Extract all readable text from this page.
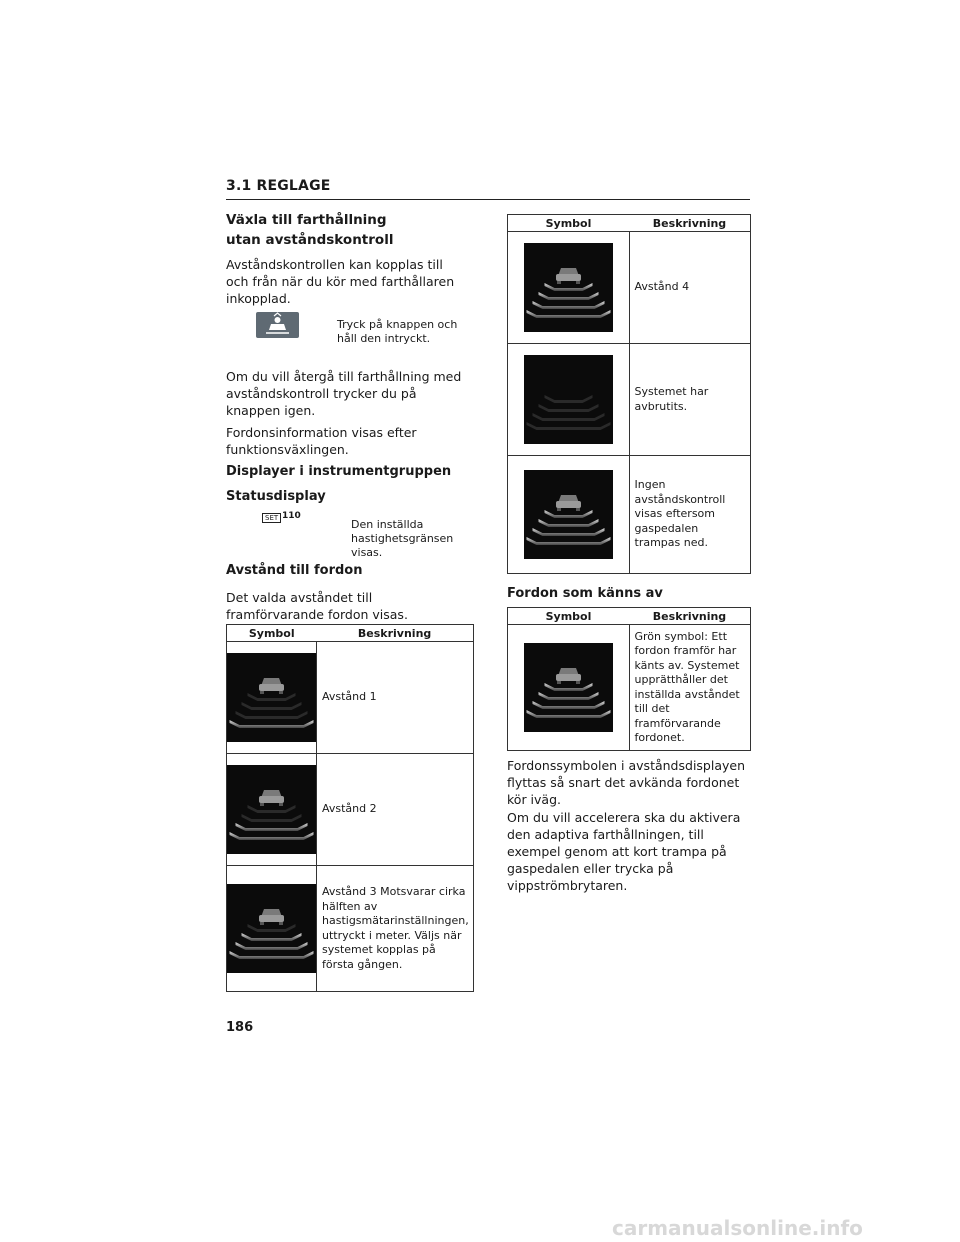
3.1 REGLAGE
Växla till farthållning utan avståndskontroll

Avståndskontrollen kan kopplas till och från när du kör med farthållaren inkopplad.

Tryck på knappen och håll den intryckt.

Om du vill återgå till farthållning med avståndskontroll trycker du på knappen igen.

Fordonsinformation visas efter funktionsväxlingen.

Displayer i instrumentgruppen
Statusdisplay
SET 110
Den inställda hastighetsgränsen visas.
Avstånd till fordon

Det valda avståndet till framförvarande fordon visas.

Symbol	Beskrivning

	Avstånd 1

	Avstånd 2

	Avstånd 3 Motsvarar cirka hälften av hastigsmätarinställningen, uttryckt i meter. Väljs när systemet kopplas på första gången.
Symbol	Beskrivning

	Avstånd 4

	Systemet har avbrutits.

	Ingen avståndskontroll visas eftersom gaspedalen trampas ned.
Fordon som känns av
Symbol	Beskrivning

	Grön symbol: Ett fordon framför har känts av. Systemet upprätthåller det inställda avståndet till det framförvarande fordonet.

Fordonssymbolen i avståndsdisplayen flyttas så snart det avkända fordonet kör iväg.

Om du vill accelerera ska du aktivera den adaptiva farthållningen, till exempel genom att kort trampa på gaspedalen eller trycka på vippströmbrytaren.

186
carmanualsonline.info
